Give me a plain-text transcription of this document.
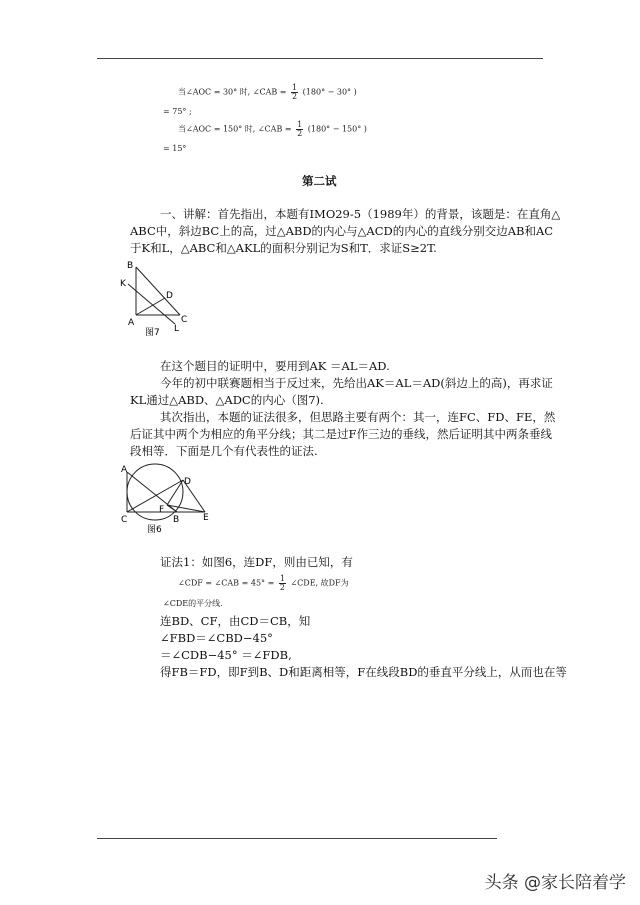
当∠AOC = 30° 时, ∠CAB = $\frac{1}{2} (180^\circ - 30^\circ$ )
= 75° ;
当∠AOC = 150° 时, ∠CAB = $\frac{1}{2} (180^\circ - 150^\circ$ )
= 15°
第二试
一、讲解：首先指出，本题有IMO29-5（1989年）的背景，该题是：在直角△
ABC中，斜边BC上的高，过△ABD的内心与△ACD的内心的直线分别交边AB和AC
于K和L，△ABC和△AKL的面积分别记为S和T．求证S≥2T.
B
K
D
A	C
L
图7
在这个题目的证明中，要用到AK ＝AL＝AD.
今年的初中联赛题相当于反过来，先给出AK＝AL＝AD(斜边上的高)，再求证
KL通过△ABD、△ADC的内心（图7).
其次指出，本题的证法很多，但思路主要有两个：其一，连FC、FD、FE，然
后证其中两个为相应的角平分线；其二是过F作三边的垂线，然后证明其中两条垂线
段相等．下面是几个有代表性的证法.
A
D
F
C	B	E
图6
证法1：如图6，连DF，则由已知，有
∠CDF = ∠CAB = $45^\circ = \frac{1}{2}$ ∠CDE, 故DF为
∠CDE的平分线.
连BD、CF，由CD＝CB，知
∠FBD＝∠CBD−45°
＝∠CDB−45° ＝∠FDB,
得FB＝FD，即F到B、D和距离相等，F在线段BD的垂直平分线上，从而也在等
头条 @家长陪着学
